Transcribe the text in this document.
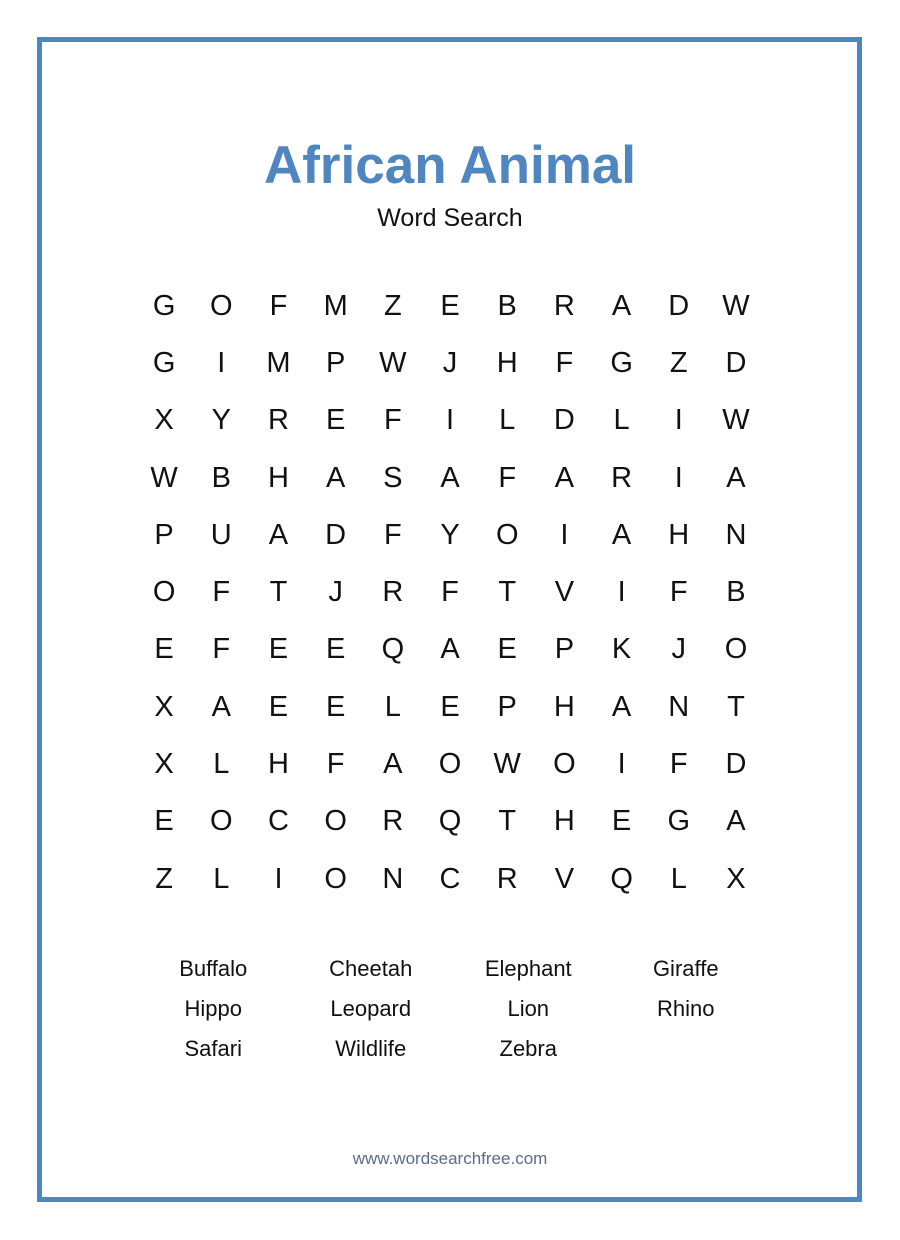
African Animal
Word Search
G	O	F	M	Z	E	B	R	A	D	W
G	I	M	P	W	J	H	F	G	Z	D
X	Y	R	E	F	I	L	D	L	I	W
W	B	H	A	S	A	F	A	R	I	A
P	U	A	D	F	Y	O	I	A	H	N
O	F	T	J	R	F	T	V	I	F	B
E	F	E	E	Q	A	E	P	K	J	O
X	A	E	E	L	E	P	H	A	N	T
X	L	H	F	A	O	W	O	I	F	D
E	O	C	O	R	Q	T	H	E	G	A
Z	L	I	O	N	C	R	V	Q	L	X
Buffalo	Cheetah	Elephant	Giraffe
Hippo	Leopard	Lion	Rhino
Safari	Wildlife	Zebra
www.wordsearchfree.com
